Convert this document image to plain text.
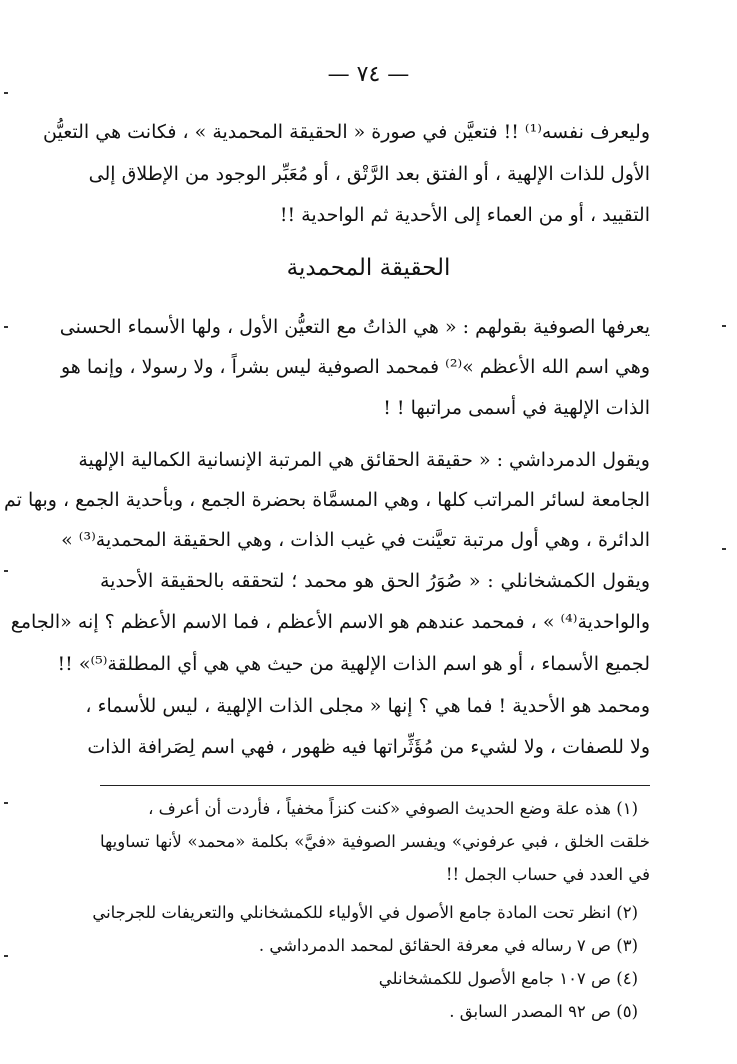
— ٧٤ —
وليعرف نفسه⁽¹⁾ !! فتعيَّن في صورة « الحقيقة المحمدية » ، فكانت هي التعيُّن
الأول للذات الإلهية ، أو الفتق بعد الرَّتْق ، أو مُعَبِّر الوجود من الإطلاق إلى
التقييد ، أو من العماء إلى الأحدية ثم الواحدية !!
الحقيقة المحمدية
يعرفها الصوفية بقولهم : « هي الذاتُ مع التعيُّن الأول ، ولها الأسماء الحسنى
وهي اسم الله الأعظم »⁽²⁾ فمحمد الصوفية ليس بشراً ، ولا رسولا ، وإنما هو
الذات الإلهية في أسمى مراتبها ! !
ويقول الدمرداشي : « حقيقة الحقائق هي المرتبة الإنسانية الكمالية الإلهية
الجامعة لسائر المراتب كلها ، وهي المسمَّاة بحضرة الجمع ، وبأحدية الجمع ، وبها تم
الدائرة ، وهي أول مرتبة تعيَّنت في غيب الذات ، وهي الحقيقة المحمدية⁽³⁾ »
ويقول الكمشخانلي : « صُوَرُ الحق هو محمد ؛ لتحققه بالحقيقة الأحدية
والواحدية⁽⁴⁾ » ، فمحمد عندهم هو الاسم الأعظم ، فما الاسم الأعظم ؟ إنه «الجامع
لجميع الأسماء ، أو هو اسم الذات الإلهية من حيث هي هي أي المطلقة⁽⁵⁾» !!
ومحمد هو الأحدية ! فما هي ؟ إنها « مجلى الذات الإلهية ، ليس للأسماء ،
ولا للصفات ، ولا لشيء من مُؤَثِّراتها فيه ظهور ، فهي اسم لِصَرافة الذات
(١) هذه علة وضع الحديث الصوفي «كنت كنزاً مخفياً ، فأردت أن أعرف ،
خلقت الخلق ، فبي عرفوني» ويفسر الصوفية «فيَّ» بكلمة «محمد» لأنها تساويها
في العدد في حساب الجمل !!
(٢) انظر تحت المادة جامع الأصول في الأولياء للكمشخانلي والتعريفات للجرجاني
(٣) ص ٧ رساله في معرفة الحقائق لمحمد الدمرداشي .
(٤) ص ١٠٧ جامع الأصول للكمشخانلي
(٥) ص ٩٢ المصدر السابق .
